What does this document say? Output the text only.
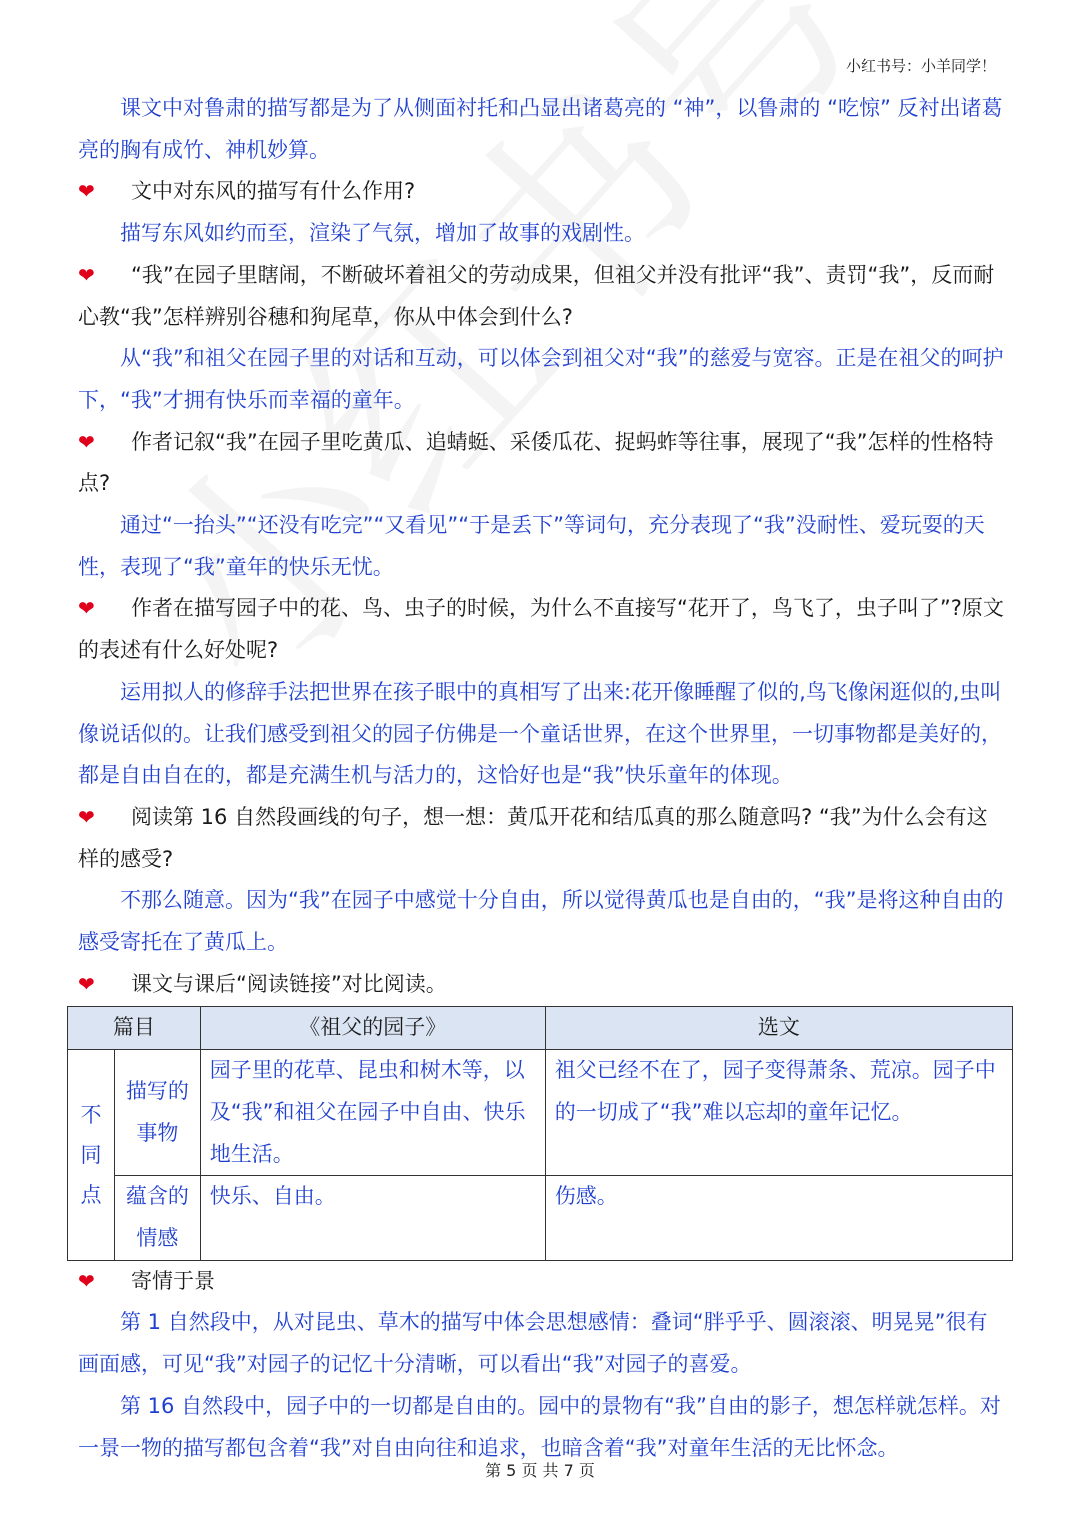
小红书号：小羊同学！

课文中对鲁肃的描写都是为了从侧面衬托和凸显出诸葛亮的 “神”，以鲁肃的 “吃惊” 反衬出诸葛亮的胸有成竹、神机妙算。

❤ 文中对东风的描写有什么作用?

描写东风如约而至，渲染了气氛，增加了故事的戏剧性。

❤ “我”在园子里瞎闹，不断破坏着祖父的劳动成果，但祖父并没有批评“我”、责罚“我”，反而耐心教“我”怎样辨别谷穗和狗尾草，你从中体会到什么?

从“我”和祖父在园子里的对话和互动，可以体会到祖父对“我”的慈爱与宽容。正是在祖父的呵护下，“我”才拥有快乐而幸福的童年。

❤ 作者记叙“我”在园子里吃黄瓜、追蜻蜓、采倭瓜花、捉蚂蚱等往事，展现了“我”怎样的性格特点?

通过“一抬头”“还没有吃完”“又看见”“于是丢下”等词句，充分表现了“我”没耐性、爱玩耍的天性，表现了“我”童年的快乐无忧。

❤ 作者在描写园子中的花、鸟、虫子的时候，为什么不直接写“花开了，鸟飞了，虫子叫了”?原文的表述有什么好处呢?

运用拟人的修辞手法把世界在孩子眼中的真相写了出来:花开像睡醒了似的,鸟飞像闲逛似的,虫叫像说话似的。让我们感受到祖父的园子仿佛是一个童话世界，在这个世界里，一切事物都是美好的，都是自由自在的，都是充满生机与活力的，这恰好也是“我”快乐童年的体现。

❤ 阅读第 16 自然段画线的句子，想一想：黄瓜开花和结瓜真的那么随意吗? “我”为什么会有这样的感受?

不那么随意。因为“我”在园子中感觉十分自由，所以觉得黄瓜也是自由的，“我”是将这种自由的感受寄托在了黄瓜上。

❤ 课文与课后“阅读链接”对比阅读。

篇目		《祖父的园子》	选文
不同点	描写的事物	园子里的花草、昆虫和树木等，以及“我”和祖父在园子中自由、快乐地生活。	祖父已经不在了，园子变得萧条、荒凉。园子中的一切成了“我”难以忘却的童年记忆。
	蕴含的情感	快乐、自由。	伤感。

❤ 寄情于景

第 1 自然段中，从对昆虫、草木的描写中体会思想感情：叠词“胖乎乎、圆滚滚、明晃晃”很有画面感，可见“我”对园子的记忆十分清晰，可以看出“我”对园子的喜爱。

第 16 自然段中，园子中的一切都是自由的。园中的景物有“我”自由的影子，想怎样就怎样。对一景一物的描写都包含着“我”对自由向往和追求，也暗含着“我”对童年生活的无比怀念。

第 5 页 共 7 页
